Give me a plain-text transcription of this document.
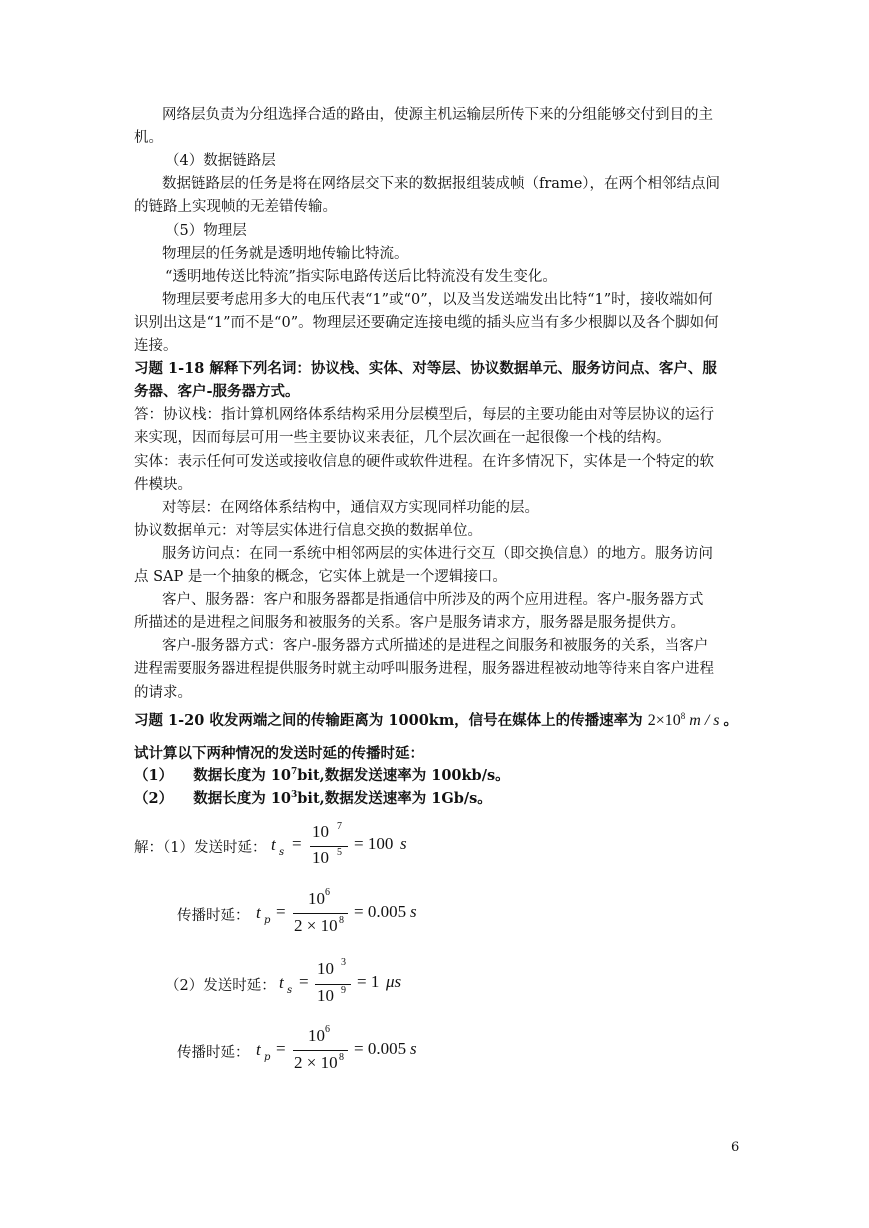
网络层负责为分组选择合适的路由，使源主机运输层所传下来的分组能够交付到目的主
机。
（4）数据链路层
数据链路层的任务是将在网络层交下来的数据报组装成帧（frame），在两个相邻结点间
的链路上实现帧的无差错传输。
（5）物理层
物理层的任务就是透明地传输比特流。
“透明地传送比特流”指实际电路传送后比特流没有发生变化。
物理层要考虑用多大的电压代表“1”或“0”，以及当发送端发出比特“1”时，接收端如何
识别出这是“1”而不是“0”。物理层还要确定连接电缆的插头应当有多少根脚以及各个脚如何
连接。
习题 1-18 解释下列名词：协议栈、实体、对等层、协议数据单元、服务访问点、客户、服
务器、客户-服务器方式。
答：协议栈：指计算机网络体系结构采用分层模型后，每层的主要功能由对等层协议的运行
来实现，因而每层可用一些主要协议来表征，几个层次画在一起很像一个栈的结构。
实体：表示任何可发送或接收信息的硬件或软件进程。在许多情况下，实体是一个特定的软
件模块。
对等层：在网络体系结构中，通信双方实现同样功能的层。
协议数据单元：对等层实体进行信息交换的数据单位。
服务访问点：在同一系统中相邻两层的实体进行交互（即交换信息）的地方。服务访问
点 SAP 是一个抽象的概念，它实体上就是一个逻辑接口。
客户、服务器：客户和服务器都是指通信中所涉及的两个应用进程。客户-服务器方式
所描述的是进程之间服务和被服务的关系。客户是服务请求方，服务器是服务提供方。
客户-服务器方式：客户-服务器方式所描述的是进程之间服务和被服务的关系，当客户
进程需要服务器进程提供服务时就主动呼叫服务进程，服务器进程被动地等待来自客户进程
的请求。
习题 1-20 收发两端之间的传输距离为 1000km，信号在媒体上的传播速率为 $2\times 10^8$ m / s 。
试计算以下两种情况的发送时延的传播时延：
（1） 数据长度为 $10^7bit$,数据发送速率为 100kb/s。
（2） 数据长度为 $10^3bit$,数据发送速率为 1Gb/s。
解：（1）发送时延： t s =
10 7
10 5 = 100 s
传播时延： t p =
10 6
2 × 10 8 = 0.005 s
（2）发送时延： t s =
10 3
10 9 = 1 μs
传播时延： t p =
10 6
2 × 10 8 = 0.005 s
6
